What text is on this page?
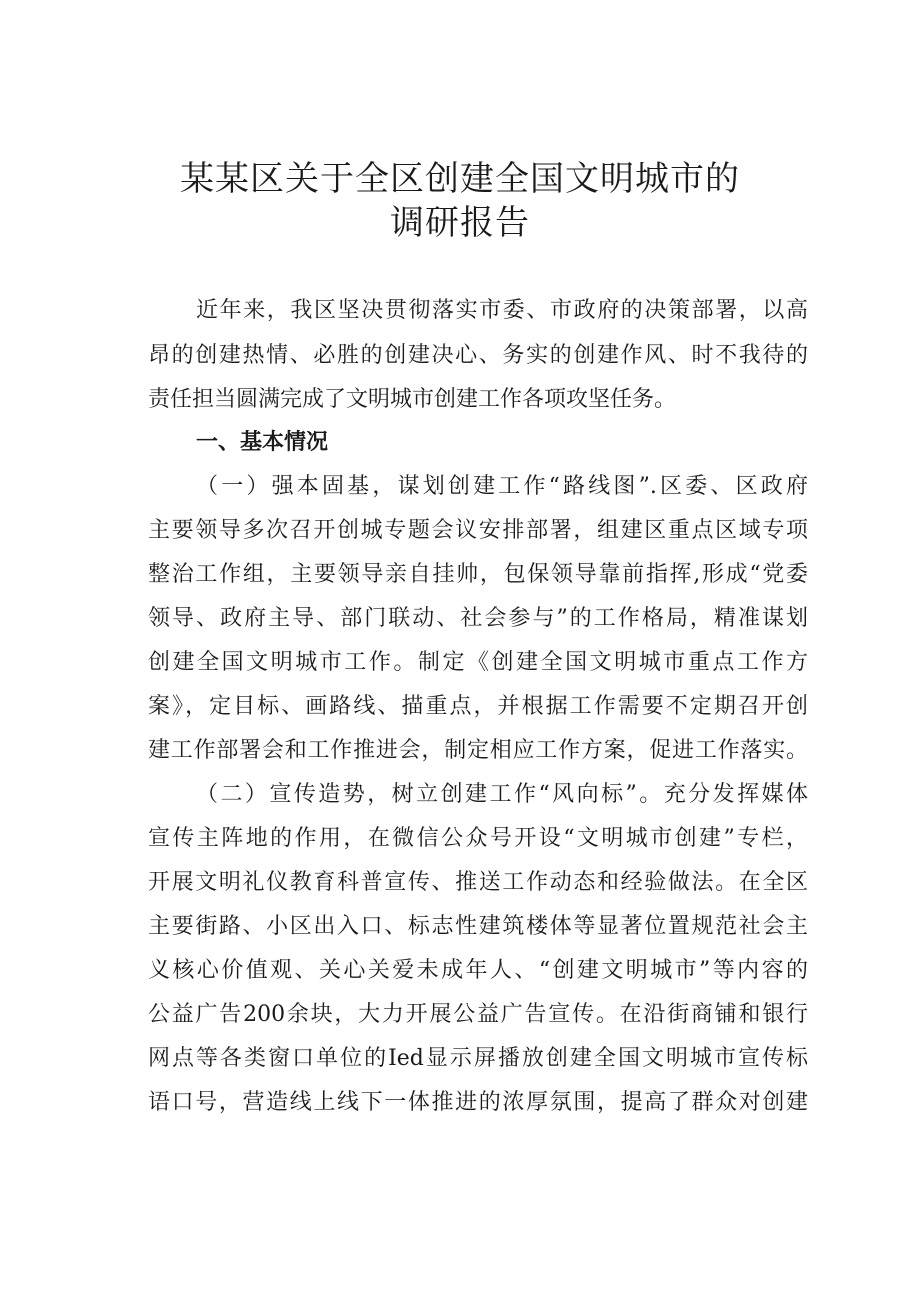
某某区关于全区创建全国文明城市的
调研报告
近年来，我区坚决贯彻落实市委、市政府的决策部署，以高
昂的创建热情、必胜的创建决心、务实的创建作风、时不我待的
责任担当圆满完成了文明城市创建工作各项攻坚任务。
一、基本情况
（一）强本固基，谋划创建工作“路线图”.区委、区政府
主要领导多次召开创城专题会议安排部署，组建区重点区域专项
整治工作组，主要领导亲自挂帅，包保领导靠前指挥,形成“党委
领导、政府主导、部门联动、社会参与”的工作格局，精准谋划
创建全国文明城市工作。制定《创建全国文明城市重点工作方
案》，定目标、画路线、描重点，并根据工作需要不定期召开创
建工作部署会和工作推进会，制定相应工作方案，促进工作落实。
（二）宣传造势，树立创建工作“风向标”。充分发挥媒体
宣传主阵地的作用，在微信公众号开设“文明城市创建”专栏，
开展文明礼仪教育科普宣传、推送工作动态和经验做法。在全区
主要街路、小区出入口、标志性建筑楼体等显著位置规范社会主
义核心价值观、关心关爱未成年人、“创建文明城市”等内容的
公益广告200余块，大力开展公益广告宣传。在沿街商铺和银行
网点等各类窗口单位的Ied显示屏播放创建全国文明城市宣传标
语口号，营造线上线下一体推进的浓厚氛围，提高了群众对创建
